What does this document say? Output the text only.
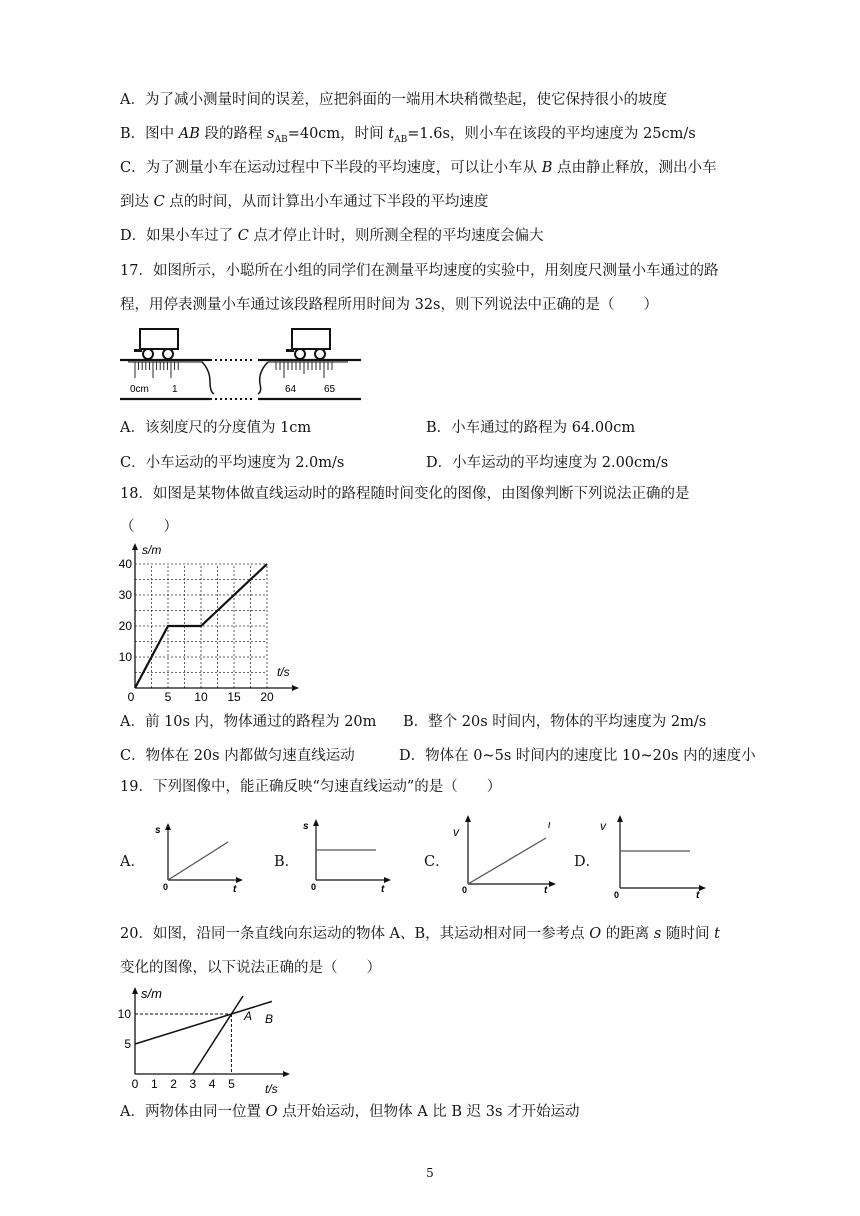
A．为了减小测量时间的误差，应把斜面的一端用木块稍微垫起，使它保持很小的坡度
B．图中 AB 段的路程 $s_{AB}=40cm$，时间 $t_{AB}=1.6s$，则小车在该段的平均速度为 25cm/s
C．为了测量小车在运动过程中下半段的平均速度，可以让小车从 B 点由静止释放，测出小车
到达 C 点的时间，从而计算出小车通过下半段的平均速度
D．如果小车过了 C 点才停止计时，则所测全程的平均速度会偏大
17．如图所示，小聪所在小组的同学们在测量平均速度的实验中，用刻度尺测量小车通过的路
程，用停表测量小车通过该段路程所用时间为 32s，则下列说法中正确的是（　　）
0cm 1	64	65
A．该刻度尺的分度值为 1cm	B．小车通过的路程为 64.00cm
C．小车运动的平均速度为 2.0m/s	D．小车运动的平均速度为 2.00cm/s
18．如图是某物体做直线运动时的路程随时间变化的图像，由图像判断下列说法正确的是
（　　）
0	5 10 15 20
10
20
30
40
s/m
t/s
A．前 10s 内，物体通过的路程为 20m B．整个 20s 时间内，物体的平均速度为 2m/s
C．物体在 20s 内都做匀速直线运动	D．物体在 0~5s 时间内的速度比 10~20s 内的速度小
19．下列图像中，能正确反映“匀速直线运动”的是（　　）
A．
s
t
0
B．
s
t
0
C．
v	ι
t
0
D．
v
t
0
20．如图，沿同一条直线向东运动的物体 A、B，其运动相对同一参考点 O 的距离 s 随时间 t
变化的图像，以下说法正确的是（　　）
0 1 2 3 4 5
5
10	A B
s/m
t/s
A．两物体由同一位置 O 点开始运动，但物体 A 比 B 迟 3s 才开始运动
5
